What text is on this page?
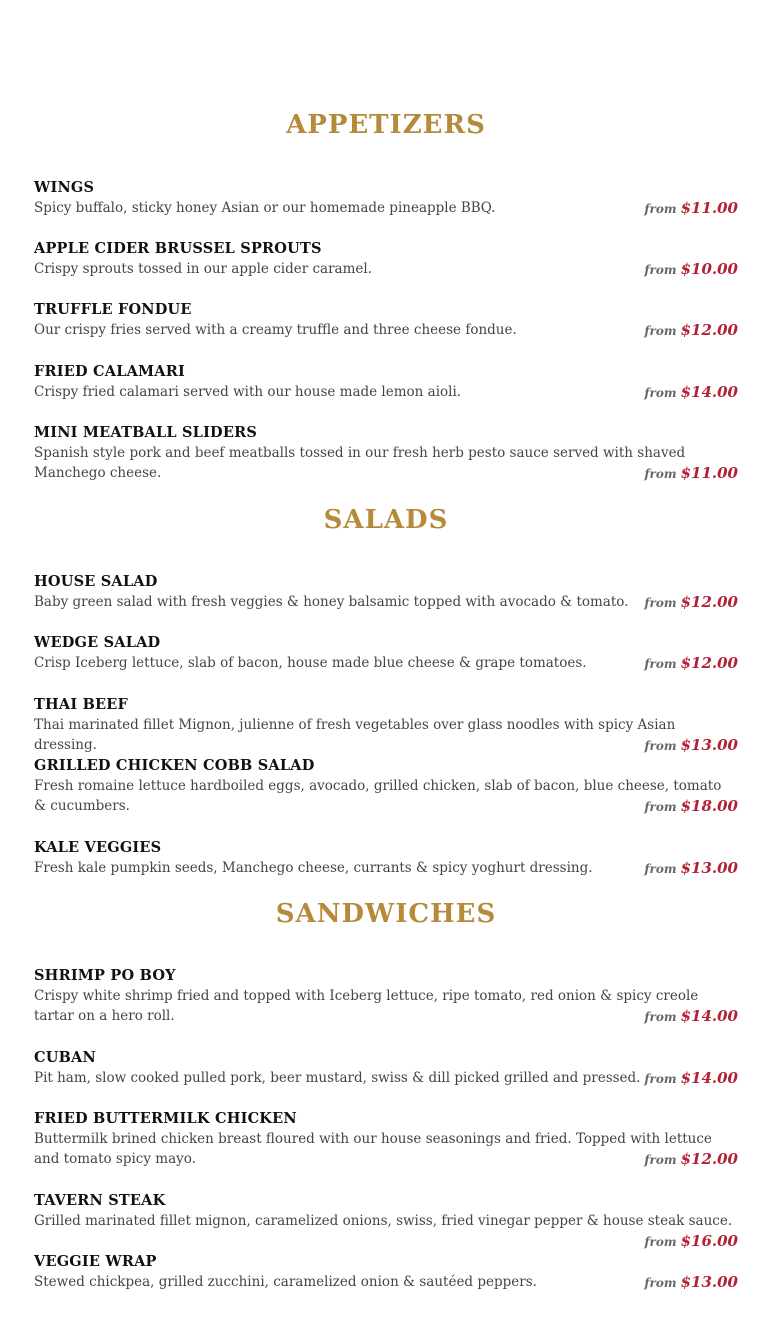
APPETIZERS
WINGS
Spicy buffalo, sticky honey Asian or our homemade pineapple BBQ.	from $11.00
APPLE CIDER BRUSSEL SPROUTS
Crispy sprouts tossed in our apple cider caramel.	from $10.00
TRUFFLE FONDUE
Our crispy fries served with a creamy truffle and three cheese fondue.	from $12.00
FRIED CALAMARI
Crispy fried calamari served with our house made lemon aioli.	from $14.00
MINI MEATBALL SLIDERS
Spanish style pork and beef meatballs tossed in our fresh herb pesto sauce served with shaved Manchego cheese.	from $11.00
SALADS
HOUSE SALAD
Baby green salad with fresh veggies & honey balsamic topped with avocado & tomato.	from $12.00
WEDGE SALAD
Crisp Iceberg lettuce, slab of bacon, house made blue cheese & grape tomatoes.	from $12.00
THAI BEEF
Thai marinated fillet Mignon, julienne of fresh vegetables over glass noodles with spicy Asian dressing.	from $13.00
GRILLED CHICKEN COBB SALAD
Fresh romaine lettuce hardboiled eggs, avocado, grilled chicken, slab of bacon, blue cheese, tomato & cucumbers.	from $18.00
KALE VEGGIES
Fresh kale pumpkin seeds, Manchego cheese, currants & spicy yoghurt dressing.	from $13.00
SANDWICHES
SHRIMP PO BOY
Crispy white shrimp fried and topped with Iceberg lettuce, ripe tomato, red onion & spicy creole tartar on a hero roll.	from $14.00
CUBAN
Pit ham, slow cooked pulled pork, beer mustard, swiss & dill picked grilled and pressed. from $14.00
FRIED BUTTERMILK CHICKEN
Buttermilk brined chicken breast floured with our house seasonings and fried. Topped with lettuce and tomato spicy mayo.	from $12.00
TAVERN STEAK
Grilled marinated fillet mignon, caramelized onions, swiss, fried vinegar pepper & house steak sauce.
from $16.00
VEGGIE WRAP
Stewed chickpea, grilled zucchini, caramelized onion & sautéed peppers.	from $13.00
